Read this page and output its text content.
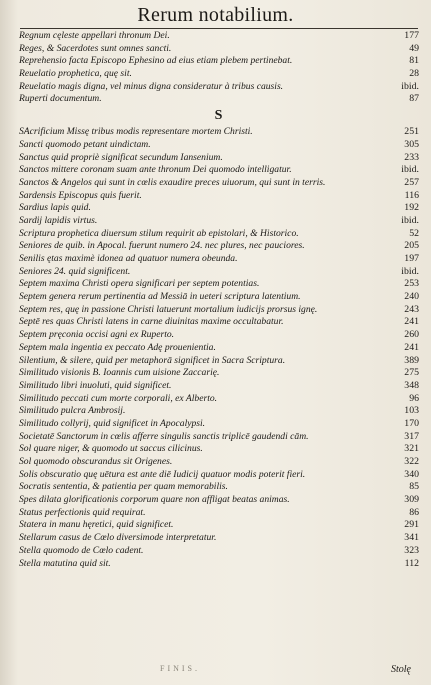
Rerum notabilium.
Regnum cęleste appellari thronum Dei.	177
Reges, & Sacerdotes sunt omnes sancti.	49
Reprehensio facta Episcopo Ephesino ad eius etiam plebem pertinebat.	81
Reuelatio prophetica, quę sit.	28
Reuelatio magis digna, vel minus digna consideratur à tribus causis.	ibid.
Ruperti documentum.	87
S
SAcrificium Missę tribus modis representare mortem Christi.	251
Sancti quomodo petant uindictam.	305
Sanctus quid propriè significat secundum Iansenium.	233
Sanctos mittere coronam suam ante thronum Dei quomodo intelligatur.	ibid.
Sanctos & Angelos qui sunt in cœlis exaudire preces uiuorum, qui sunt in terris.	257
Sardensis Episcopus quis fuerit.	116
Sardius lapis quid.	192
Sardij lapidis virtus.	ibid.
Scriptura prophetica diuersum stilum requirit ab epistolari, & Historico.	52
Seniores de quib. in Apocal. fuerunt numero 24. nec plures, nec pauciores.	205
Senilis ętas maximè idonea ad quatuor numera obeunda.	197
Seniores 24. quid significent.	ibid.
Septem maxima Christi opera significari per septem potentias.	253
Septem genera rerum pertinentia ad Messiā in ueteri scriptura latentium.	240
Septem res, quę in passione Christi latuerunt mortalium iudicijs prorsus ignę.	243
Septē res quas Christi latens in carne diuinitas maxime occultabatur.	241
Septem pręconia occisi agni ex Ruperto.	260
Septem mala ingentia ex peccato Adę prouenientia.	241
Silentium, & silere, quid per metaphorā significet in Sacra Scriptura.	389
Similitudo visionis B. Ioannis cum uisione Zaccarię.	275
Similitudo libri inuoluti, quid significet.	348
Similitudo peccati cum morte corporali, ex Alberto.	96
Similitudo pulcra Ambrosij.	103
Similitudo collyrij, quid significet in Apocalypsi.	170
Societatē Sanctorum in cœlis afferre singulis sanctis triplicē gaudendi cām.	317
Sol quare niger, & quomodo ut saccus cilicinus.	321
Sol quomodo obscurandus sit Origenes.	322
Solis obscuratio quę uētura est ante diē Iudicij quatuor modis poterit fieri.	340
Socratis sententia, & patientia per quam memorabilis.	85
Spes dilata glorificationis corporum quare non affligat beatas animas.	309
Status perfectionis quid requirat.	86
Statera in manu hęretici, quid significet.	291
Stellarum casus de Cœlo diversimode interpretatur.	341
Stella quomodo de Cœlo cadent.	323
Stella matutina quid sit.	112
FINIS.	Stolę
